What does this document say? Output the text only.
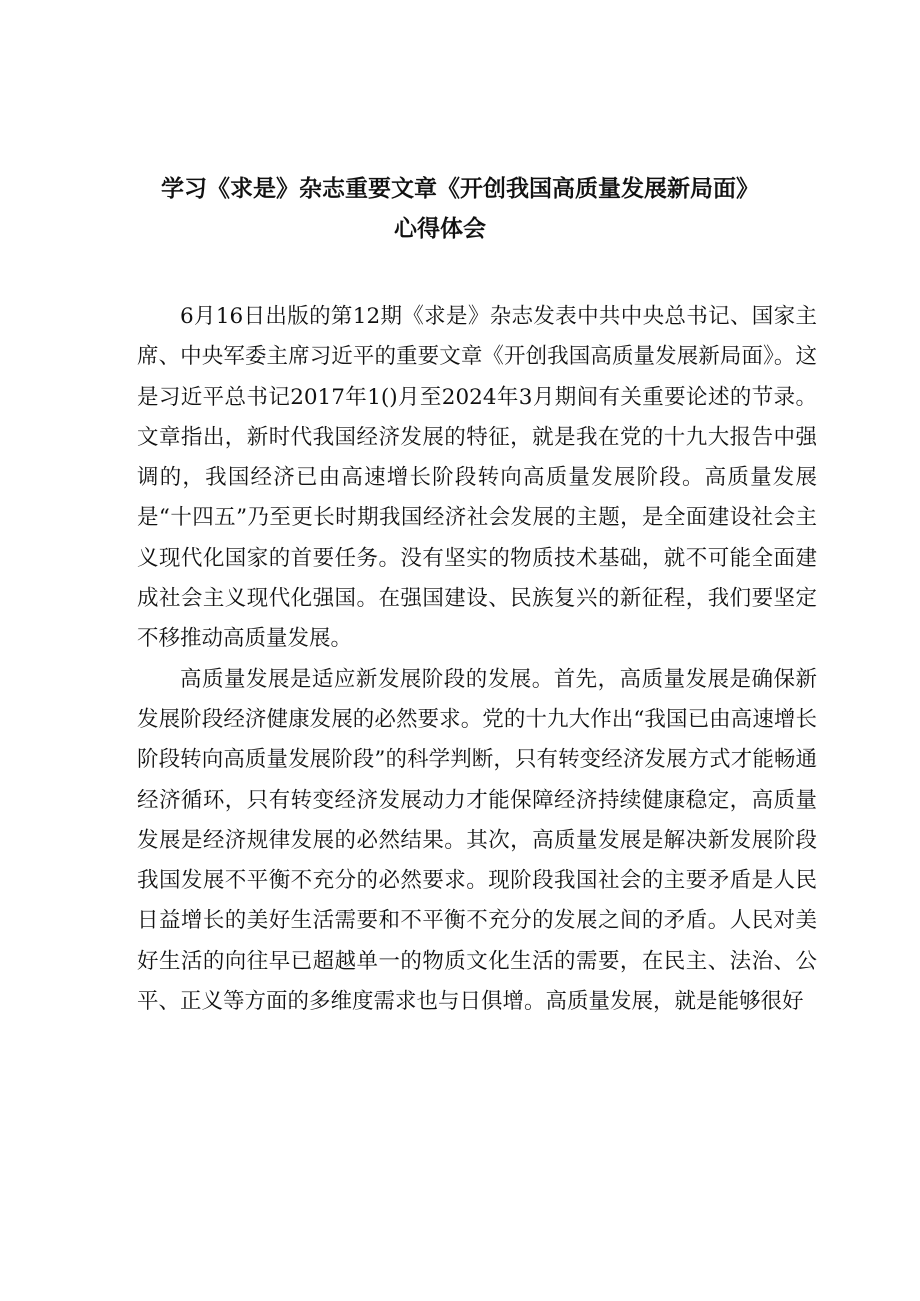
学习《求是》杂志重要文章《开创我国高质量发展新局面》
心得体会

6月16日出版的第12期《求是》杂志发表中共中央总书记、国家主席、中央军委主席习近平的重要文章《开创我国高质量发展新局面》。这是习近平总书记2017年1()月至2024年3月期间有关重要论述的节录。文章指出，新时代我国经济发展的特征，就是我在党的十九大报告中强调的，我国经济已由高速增长阶段转向高质量发展阶段。高质量发展是“十四五”乃至更长时期我国经济社会发展的主题，是全面建设社会主义现代化国家的首要任务。没有坚实的物质技术基础，就不可能全面建成社会主义现代化强国。在强国建设、民族复兴的新征程，我们要坚定不移推动高质量发展。

高质量发展是适应新发展阶段的发展。首先，高质量发展是确保新发展阶段经济健康发展的必然要求。党的十九大作出“我国已由高速增长阶段转向高质量发展阶段”的科学判断，只有转变经济发展方式才能畅通经济循环，只有转变经济发展动力才能保障经济持续健康稳定，高质量发展是经济规律发展的必然结果。其次，高质量发展是解决新发展阶段我国发展不平衡不充分的必然要求。现阶段我国社会的主要矛盾是人民日益增长的美好生活需要和不平衡不充分的发展之间的矛盾。人民对美好生活的向往早已超越单一的物质文化生活的需要，在民主、法治、公平、正义等方面的多维度需求也与日俱增。高质量发展，就是能够很好
